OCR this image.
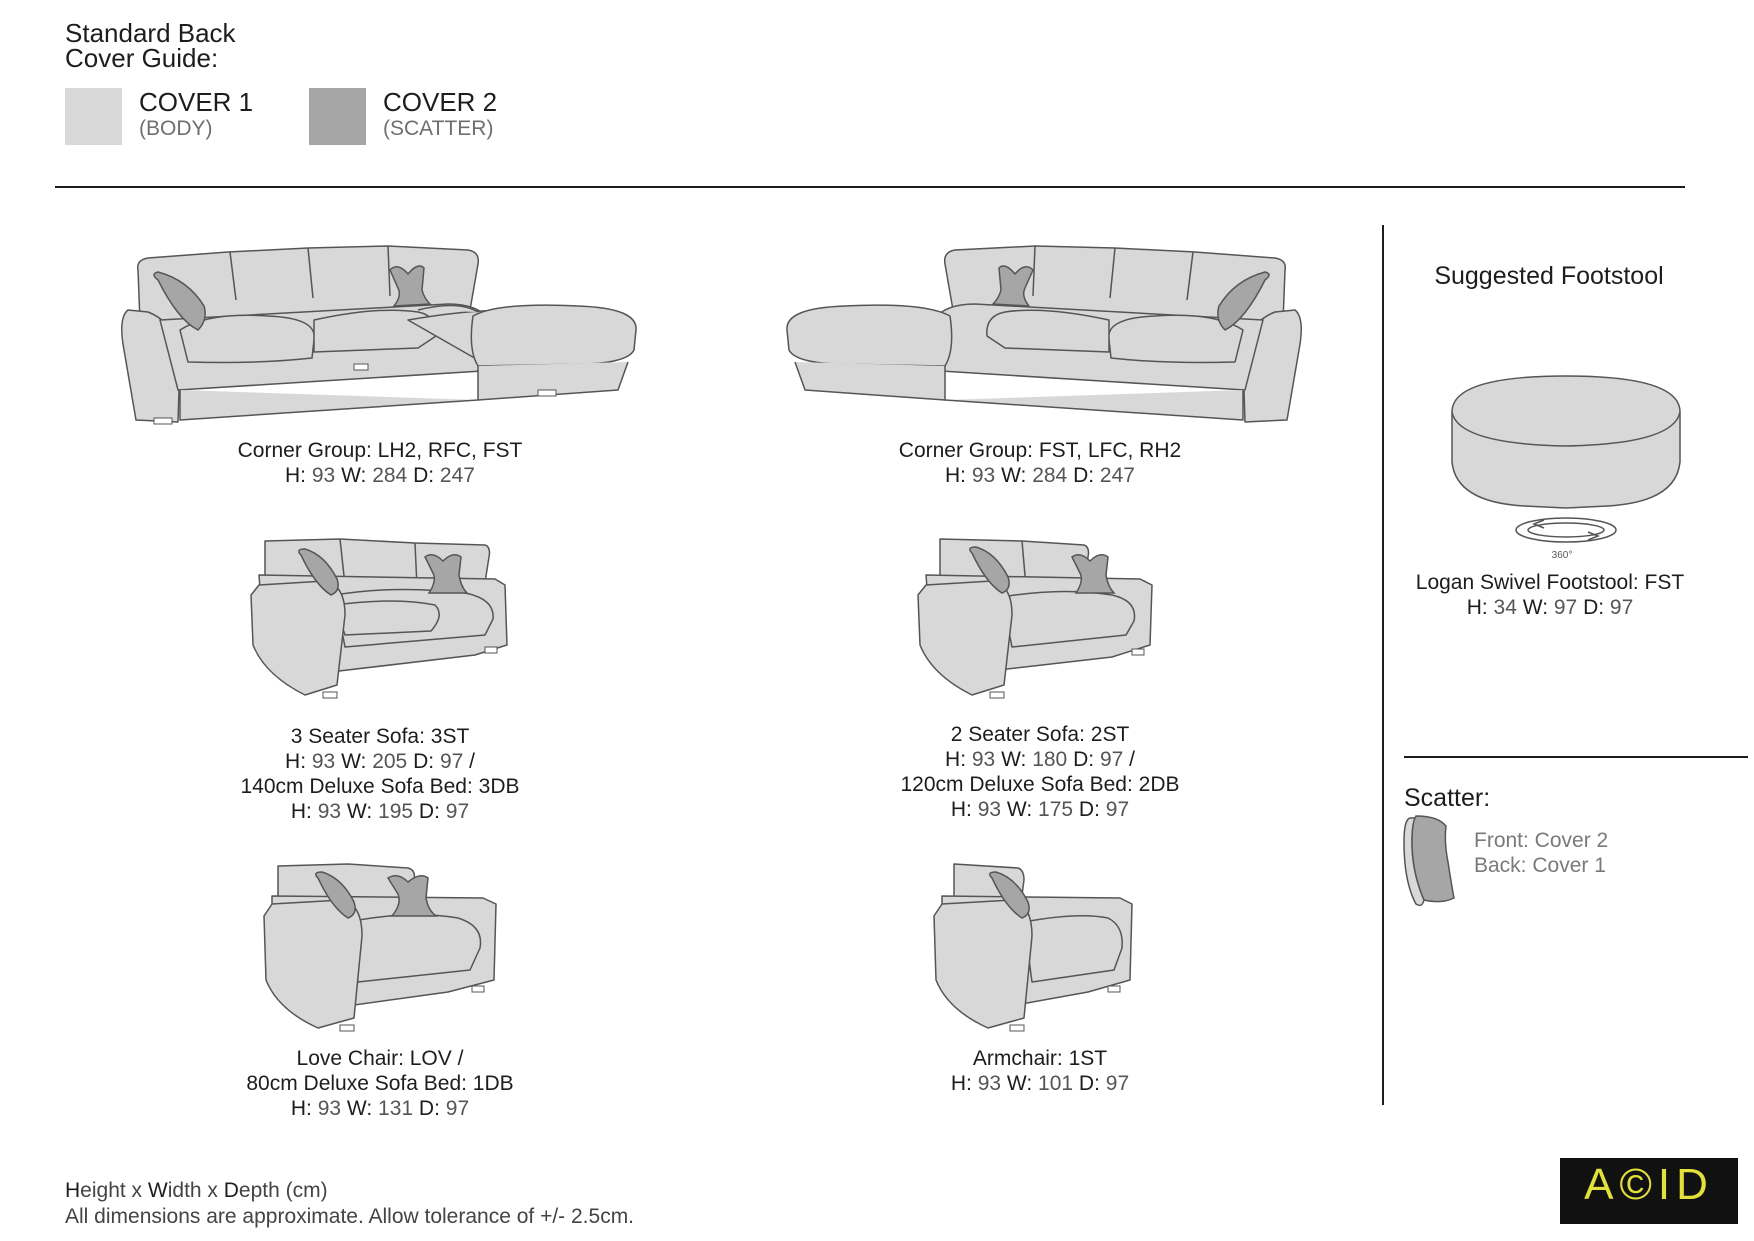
Standard Back
Cover Guide:
COVER 1
(BODY)
COVER 2
(SCATTER)
Corner Group: LH2, RFC, FST
H: 93 W: 284 D: 247
Corner Group: FST, LFC, RH2
H: 93 W: 284 D: 247
3 Seater Sofa: 3ST
H: 93 W: 205 D: 97 /
140cm Deluxe Sofa Bed: 3DB
H: 93 W: 195 D: 97
2 Seater Sofa: 2ST
H: 93 W: 180 D: 97 /
120cm Deluxe Sofa Bed: 2DB
H: 93 W: 175 D: 97
Love Chair: LOV /
80cm Deluxe Sofa Bed: 1DB
H: 93 W: 131 D: 97
Armchair: 1ST
H: 93 W: 101 D: 97
Suggested Footstool
360°
Logan Swivel Footstool: FST
H: 34 W: 97 D: 97
Scatter:
Front: Cover 2
Back: Cover 1
Height x Width x Depth (cm)
All dimensions are approximate. Allow tolerance of +/- 2.5cm.
A©ID
ANTI COPYING IN DESIGN
